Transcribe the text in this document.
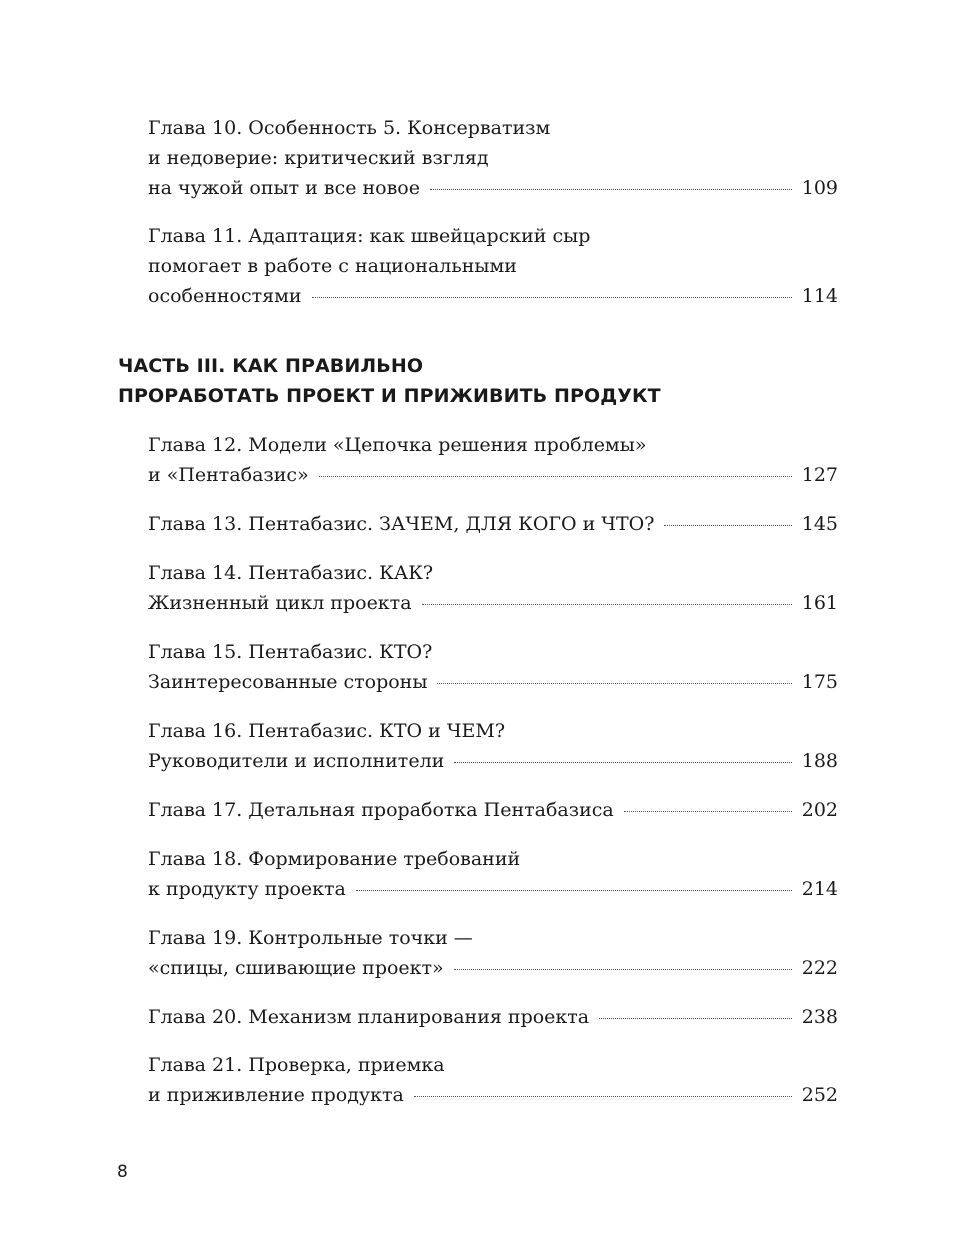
Глава 10. Особенность 5. Консерватизм
и недоверие: критический взгляд
на чужой опыт и все новое	109
Глава 11. Адаптация: как швейцарский сыр
помогает в работе с национальными
особенностями	114
ЧАСТЬ III. КАК ПРАВИЛЬНО
ПРОРАБОТАТЬ ПРОЕКТ И ПРИЖИВИТЬ ПРОДУКТ
Глава 12. Модели «Цепочка решения проблемы»
и «Пентабазис»	127
Глава 13. Пентабазис. ЗАЧЕМ, ДЛЯ КОГО и ЧТО?	145
Глава 14. Пентабазис. КАК?
Жизненный цикл проекта	161
Глава 15. Пентабазис. КТО?
Заинтересованные стороны	175
Глава 16. Пентабазис. КТО и ЧЕМ?
Руководители и исполнители	188
Глава 17. Детальная проработка Пентабазиса	202
Глава 18. Формирование требований
к продукту проекта	214
Глава 19. Контрольные точки —
«спицы, сшивающие проект»	222
Глава 20. Механизм планирования проекта	238
Глава 21. Проверка, приемка
и приживление продукта	252
8
